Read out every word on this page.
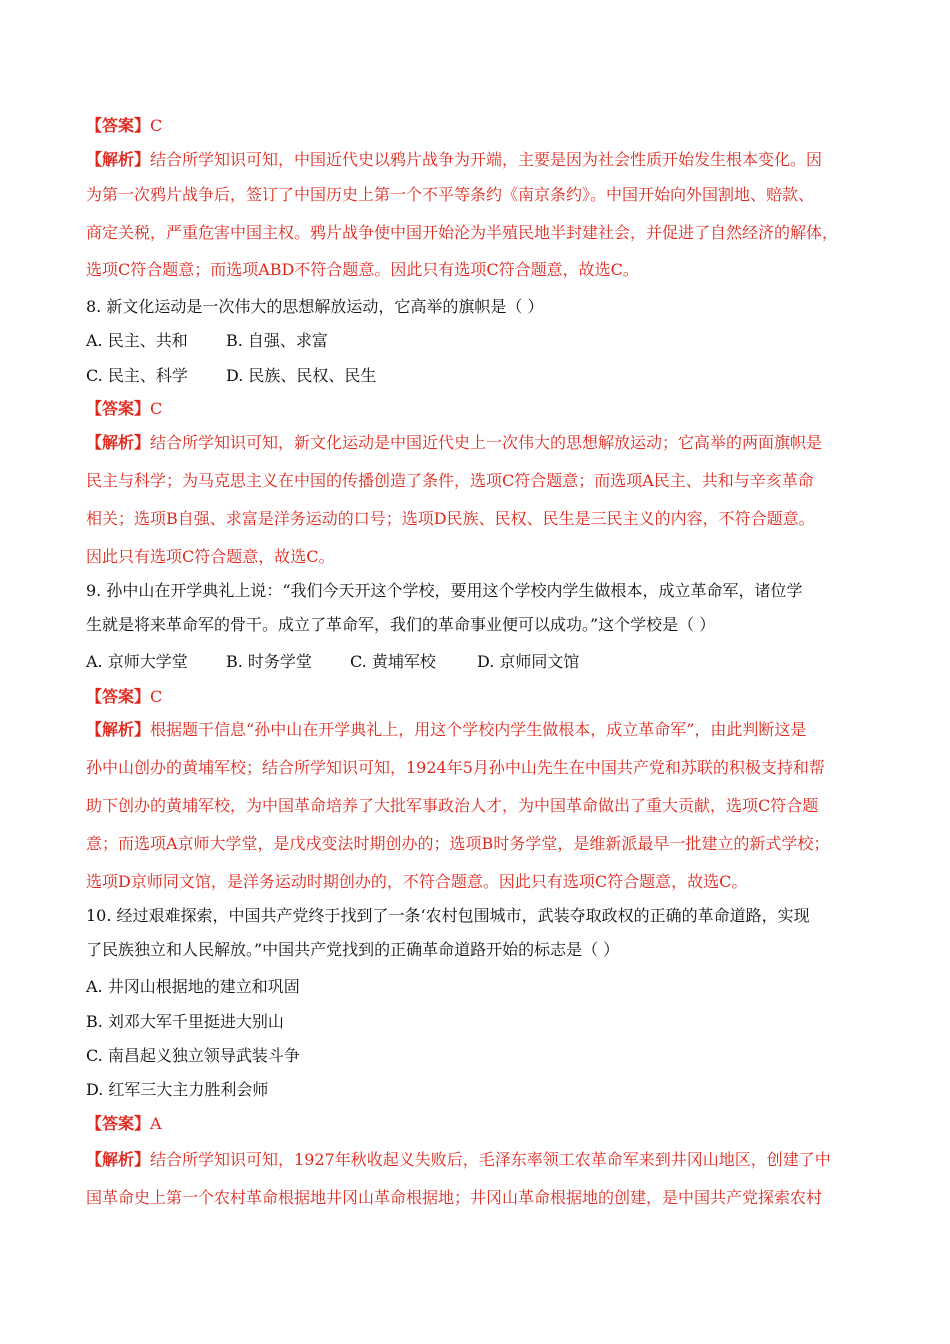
【答案】C
【解析】结合所学知识可知，中国近代史以鸦片战争为开端，主要是因为社会性质开始发生根本变化。因
为第一次鸦片战争后，签订了中国历史上第一个不平等条约《南京条约》。中国开始向外国割地、赔款、
商定关税，严重危害中国主权。鸦片战争使中国开始沦为半殖民地半封建社会，并促进了自然经济的解体，
选项C符合题意；而选项ABD不符合题意。因此只有选项C符合题意，故选C。
8. 新文化运动是一次伟大的思想解放运动，它高举的旗帜是（ ）
A. 民主、共和 B. 自强、求富
C. 民主、科学 D. 民族、民权、民生
【答案】C
【解析】结合所学知识可知，新文化运动是中国近代史上一次伟大的思想解放运动；它高举的两面旗帜是
民主与科学；为马克思主义在中国的传播创造了条件，选项C符合题意；而选项A民主、共和与辛亥革命
相关；选项B自强、求富是洋务运动的口号；选项D民族、民权、民生是三民主义的内容，不符合题意。
因此只有选项C符合题意，故选C。
9. 孙中山在开学典礼上说：“我们今天开这个学校，要用这个学校内学生做根本，成立革命军，诸位学
生就是将来革命军的骨干。成立了革命军，我们的革命事业便可以成功。”这个学校是（ ）
A. 京师大学堂 B. 时务学堂 C. 黄埔军校	D. 京师同文馆
【答案】C
【解析】根据题干信息“孙中山在开学典礼上，用这个学校内学生做根本，成立革命军”，由此判断这是
孙中山创办的黄埔军校；结合所学知识可知，1924年5月孙中山先生在中国共产党和苏联的积极支持和帮
助下创办的黄埔军校，为中国革命培养了大批军事政治人才，为中国革命做出了重大贡献，选项C符合题
意；而选项A京师大学堂，是戊戌变法时期创办的；选项B时务学堂，是维新派最早一批建立的新式学校；
选项D京师同文馆，是洋务运动时期创办的，不符合题意。因此只有选项C符合题意，故选C。
10. 经过艰难探索，中国共产党终于找到了一条‘农村包围城市，武装夺取政权的正确的革命道路，实现
了民族独立和人民解放。”中国共产党找到的正确革命道路开始的标志是（ ）
A. 井冈山根据地的建立和巩固
B. 刘邓大军千里挺进大别山
C. 南昌起义独立领导武装斗争
D. 红军三大主力胜利会师
【答案】A
【解析】结合所学知识可知，1927年秋收起义失败后，毛泽东率领工农革命军来到井冈山地区，创建了中
国革命史上第一个农村革命根据地井冈山革命根据地；井冈山革命根据地的创建，是中国共产党探索农村
